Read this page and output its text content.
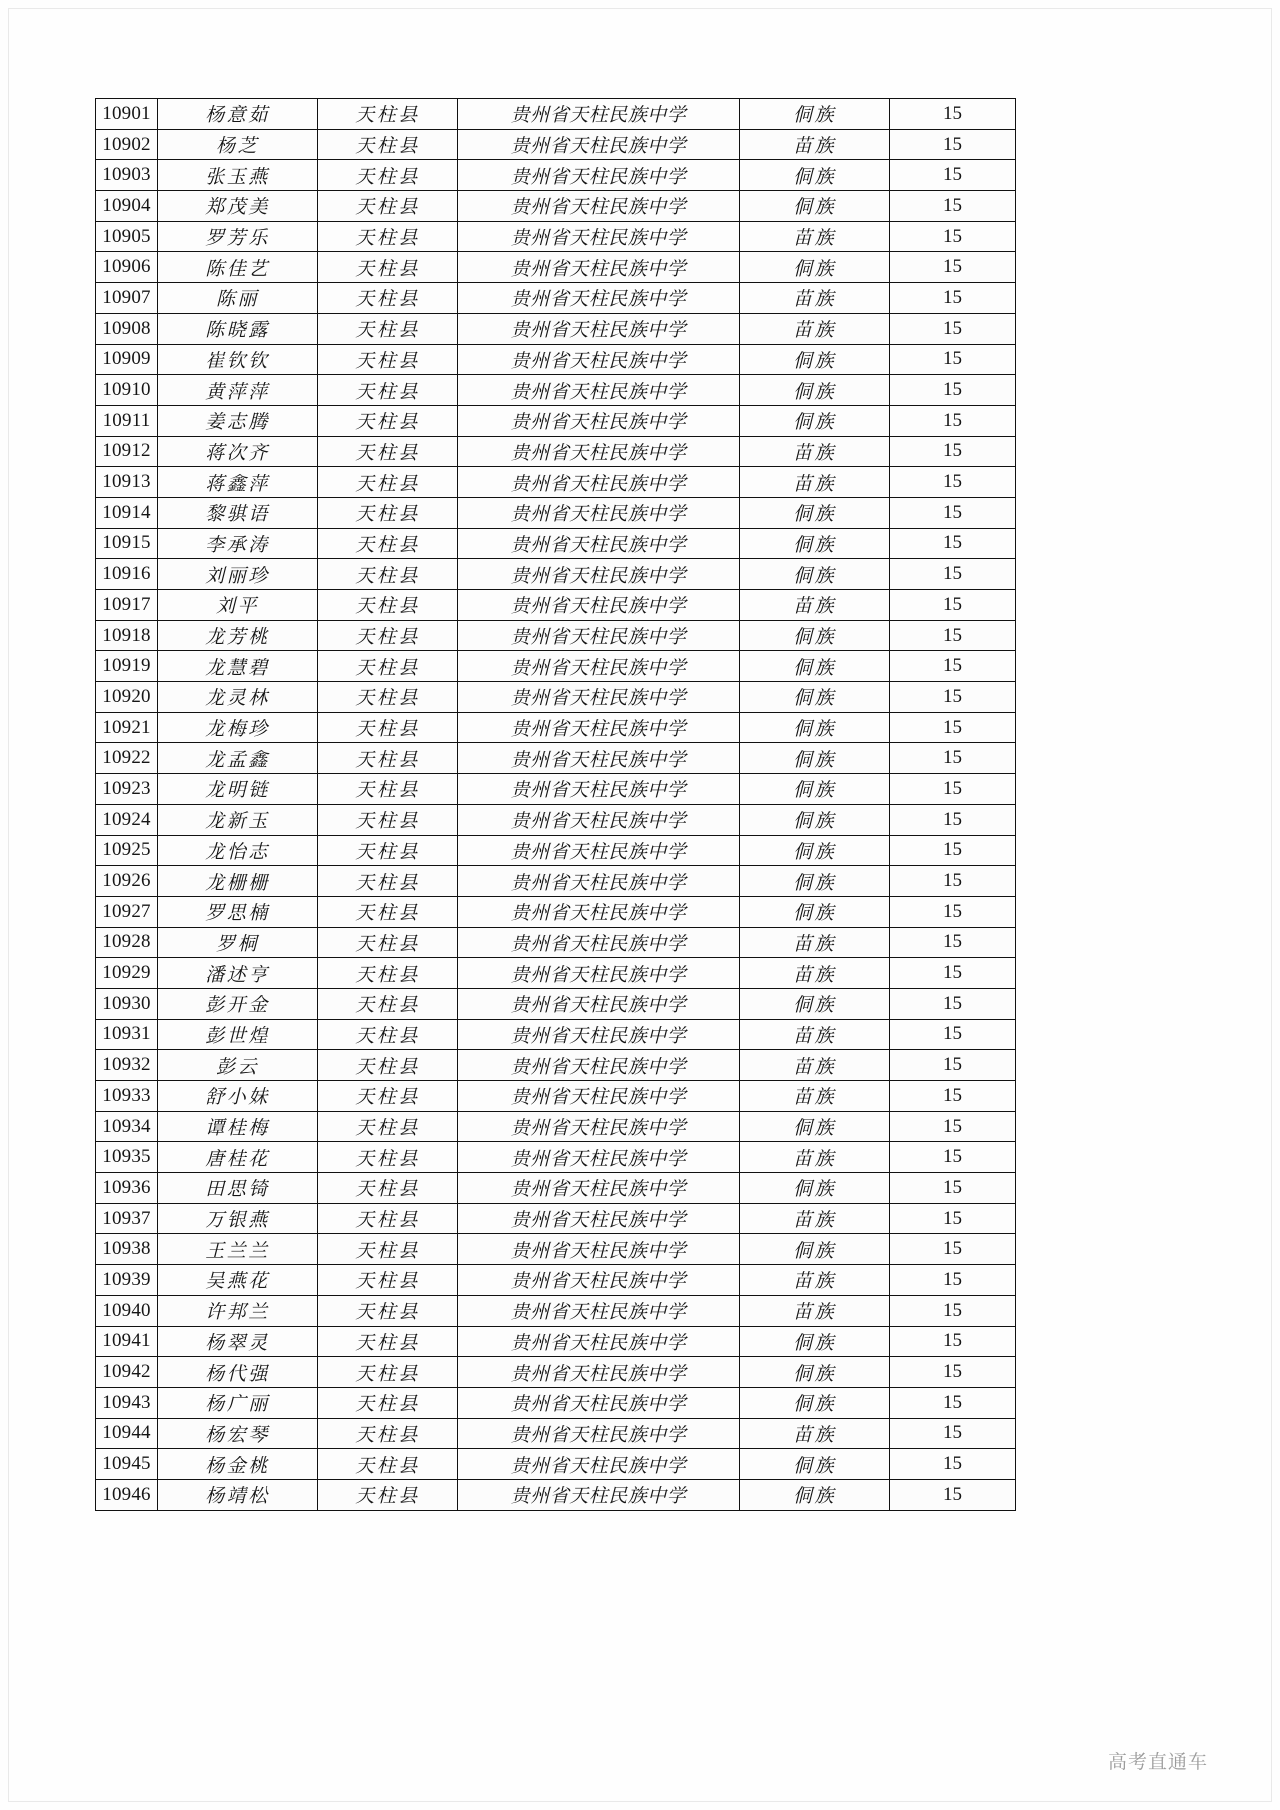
10901	杨意茹	天柱县	贵州省天柱民族中学	侗族	15
10902	杨芝	天柱县	贵州省天柱民族中学	苗族	15
10903	张玉燕	天柱县	贵州省天柱民族中学	侗族	15
10904	郑茂美	天柱县	贵州省天柱民族中学	侗族	15
10905	罗芳乐	天柱县	贵州省天柱民族中学	苗族	15
10906	陈佳艺	天柱县	贵州省天柱民族中学	侗族	15
10907	陈丽	天柱县	贵州省天柱民族中学	苗族	15
10908	陈晓露	天柱县	贵州省天柱民族中学	苗族	15
10909	崔钦钦	天柱县	贵州省天柱民族中学	侗族	15
10910	黄萍萍	天柱县	贵州省天柱民族中学	侗族	15
10911	姜志腾	天柱县	贵州省天柱民族中学	侗族	15
10912	蒋次齐	天柱县	贵州省天柱民族中学	苗族	15
10913	蒋鑫萍	天柱县	贵州省天柱民族中学	苗族	15
10914	黎骐语	天柱县	贵州省天柱民族中学	侗族	15
10915	李承涛	天柱县	贵州省天柱民族中学	侗族	15
10916	刘丽珍	天柱县	贵州省天柱民族中学	侗族	15
10917	刘平	天柱县	贵州省天柱民族中学	苗族	15
10918	龙芳桃	天柱县	贵州省天柱民族中学	侗族	15
10919	龙慧碧	天柱县	贵州省天柱民族中学	侗族	15
10920	龙灵林	天柱县	贵州省天柱民族中学	侗族	15
10921	龙梅珍	天柱县	贵州省天柱民族中学	侗族	15
10922	龙孟鑫	天柱县	贵州省天柱民族中学	侗族	15
10923	龙明链	天柱县	贵州省天柱民族中学	侗族	15
10924	龙新玉	天柱县	贵州省天柱民族中学	侗族	15
10925	龙怡志	天柱县	贵州省天柱民族中学	侗族	15
10926	龙栅栅	天柱县	贵州省天柱民族中学	侗族	15
10927	罗思楠	天柱县	贵州省天柱民族中学	侗族	15
10928	罗桐	天柱县	贵州省天柱民族中学	苗族	15
10929	潘述亨	天柱县	贵州省天柱民族中学	苗族	15
10930	彭开金	天柱县	贵州省天柱民族中学	侗族	15
10931	彭世煌	天柱县	贵州省天柱民族中学	苗族	15
10932	彭云	天柱县	贵州省天柱民族中学	苗族	15
10933	舒小妹	天柱县	贵州省天柱民族中学	苗族	15
10934	谭桂梅	天柱县	贵州省天柱民族中学	侗族	15
10935	唐桂花	天柱县	贵州省天柱民族中学	苗族	15
10936	田思锜	天柱县	贵州省天柱民族中学	侗族	15
10937	万银燕	天柱县	贵州省天柱民族中学	苗族	15
10938	王兰兰	天柱县	贵州省天柱民族中学	侗族	15
10939	吴燕花	天柱县	贵州省天柱民族中学	苗族	15
10940	许邦兰	天柱县	贵州省天柱民族中学	苗族	15
10941	杨翠灵	天柱县	贵州省天柱民族中学	侗族	15
10942	杨代强	天柱县	贵州省天柱民族中学	侗族	15
10943	杨广丽	天柱县	贵州省天柱民族中学	侗族	15
10944	杨宏琴	天柱县	贵州省天柱民族中学	苗族	15
10945	杨金桃	天柱县	贵州省天柱民族中学	侗族	15
10946	杨靖松	天柱县	贵州省天柱民族中学	侗族	15
高考直通车
